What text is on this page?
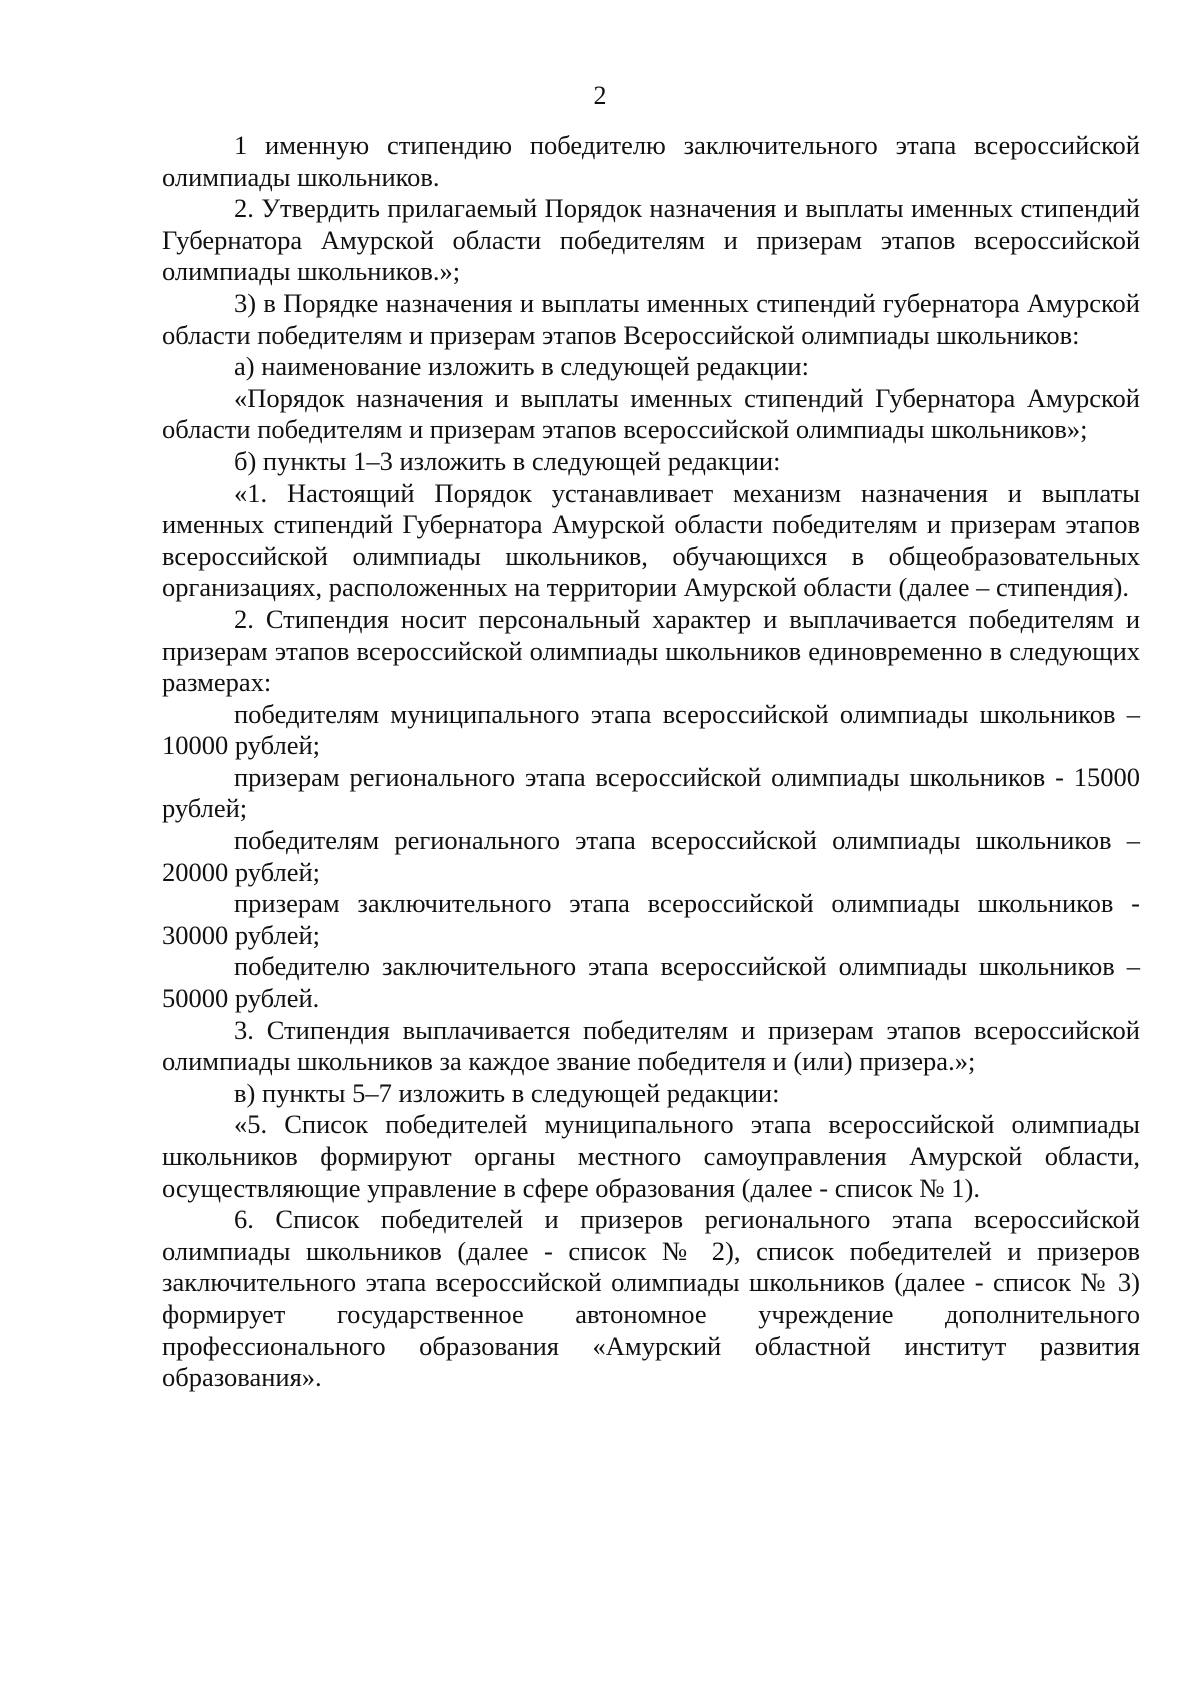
2

1 именную стипендию победителю заключительного этапа всероссийской олимпиады школьников.

2. Утвердить прилагаемый Порядок назначения и выплаты именных стипендий Губернатора Амурской области победителям и призерам этапов всероссийской олимпиады школьников.»;

3) в Порядке назначения и выплаты именных стипендий губернатора Амурской области победителям и призерам этапов Всероссийской олимпиады школьников:

а) наименование изложить в следующей редакции:

«Порядок назначения и выплаты именных стипендий Губернатора Амурской области победителям и призерам этапов всероссийской олимпиады школьников»;

б) пункты 1–3 изложить в следующей редакции:

«1. Настоящий Порядок устанавливает механизм назначения и выплаты именных стипендий Губернатора Амурской области победителям и призерам этапов всероссийской олимпиады школьников, обучающихся в общеобразовательных организациях, расположенных на территории Амурской области (далее – стипендия).

2. Стипендия носит персональный характер и выплачивается победителям и призерам этапов всероссийской олимпиады школьников единовременно в следующих размерах:

победителям муниципального этапа всероссийской олимпиады школьников – 10000 рублей;

призерам регионального этапа всероссийской олимпиады школьников - 15000 рублей;

победителям регионального этапа всероссийской олимпиады школьников – 20000 рублей;

призерам заключительного этапа всероссийской олимпиады школьников - 30000 рублей;

победителю заключительного этапа всероссийской олимпиады школьников – 50000 рублей.

3. Стипендия выплачивается победителям и призерам этапов всероссийской олимпиады школьников за каждое звание победителя и (или) призера.»;

в) пункты 5–7 изложить в следующей редакции:

«5. Список победителей муниципального этапа всероссийской олимпиады школьников формируют органы местного самоуправления Амурской области, осуществляющие управление в сфере образования (далее - список № 1).

6. Список победителей и призеров регионального этапа всероссийской олимпиады школьников (далее - список № 2), список победителей и призеров заключительного этапа всероссийской олимпиады школьников (далее - список № 3) формирует государственное автономное учреждение дополнительного профессионального образования «Амурский областной институт развития образования».
